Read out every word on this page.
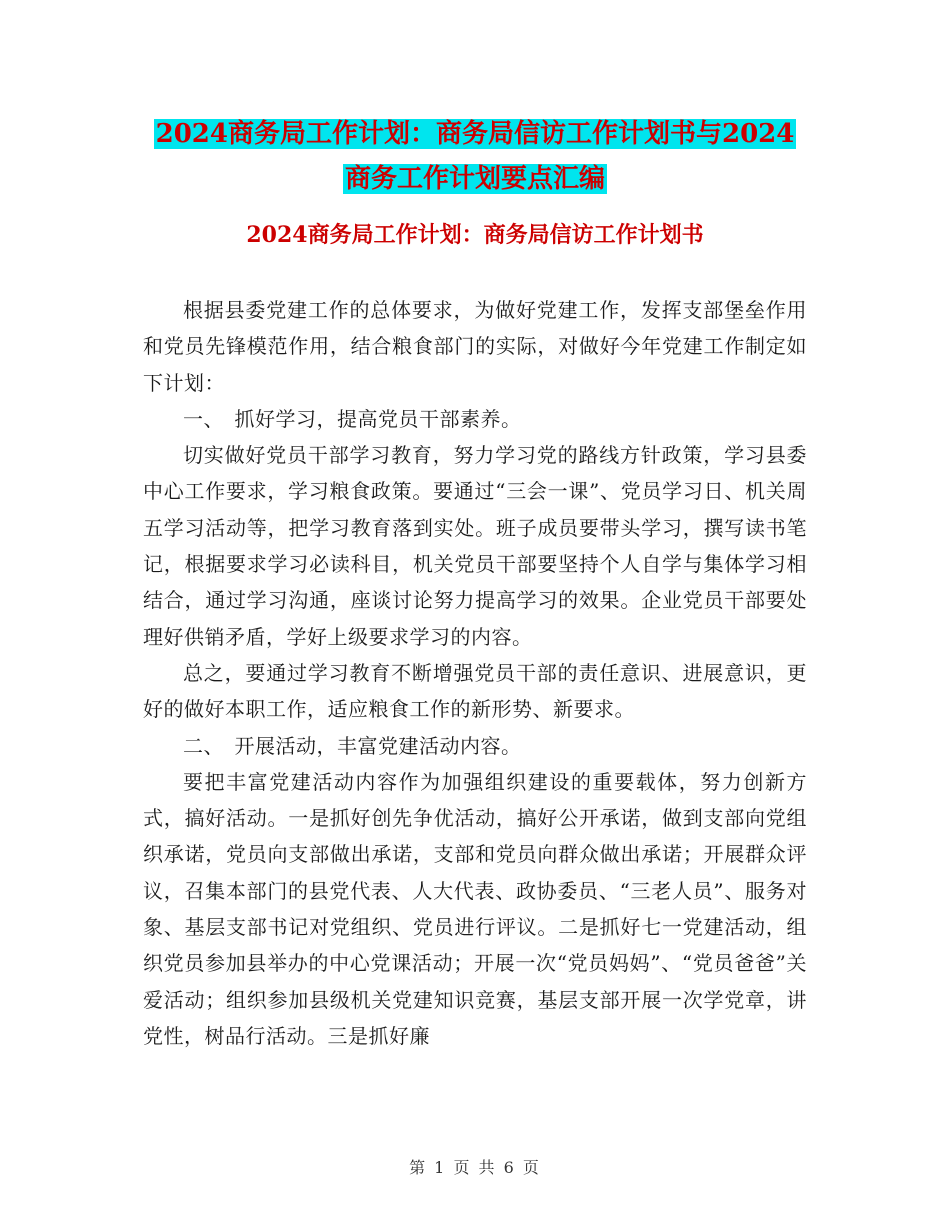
2024商务局工作计划：商务局信访工作计划书与2024
商务工作计划要点汇编
2024商务局工作计划：商务局信访工作计划书

根据县委党建工作的总体要求，为做好党建工作，发挥支部堡垒作用和党员先锋模范作用，结合粮食部门的实际，对做好今年党建工作制定如下计划：

一、　抓好学习，提高党员干部素养。

切实做好党员干部学习教育，努力学习党的路线方针政策，学习县委中心工作要求，学习粮食政策。要通过“三会一课”、党员学习日、机关周五学习活动等，把学习教育落到实处。班子成员要带头学习，撰写读书笔记，根据要求学习必读科目，机关党员干部要坚持个人自学与集体学习相结合，通过学习沟通，座谈讨论努力提高学习的效果。企业党员干部要处理好供销矛盾，学好上级要求学习的内容。

总之，要通过学习教育不断增强党员干部的责任意识、进展意识，更好的做好本职工作，适应粮食工作的新形势、新要求。

二、　开展活动，丰富党建活动内容。

要把丰富党建活动内容作为加强组织建设的重要载体，努力创新方式，搞好活动。一是抓好创先争优活动，搞好公开承诺，做到支部向党组织承诺，党员向支部做出承诺，支部和党员向群众做出承诺；开展群众评议，召集本部门的县党代表、人大代表、政协委员、“三老人员”、服务对象、基层支部书记对党组织、党员进行评议。二是抓好七一党建活动，组织党员参加县举办的中心党课活动；开展一次“党员妈妈”、“党员爸爸”关爱活动；组织参加县级机关党建知识竞赛，基层支部开展一次学党章，讲党性，树品行活动。三是抓好廉

第 1 页 共 6 页
